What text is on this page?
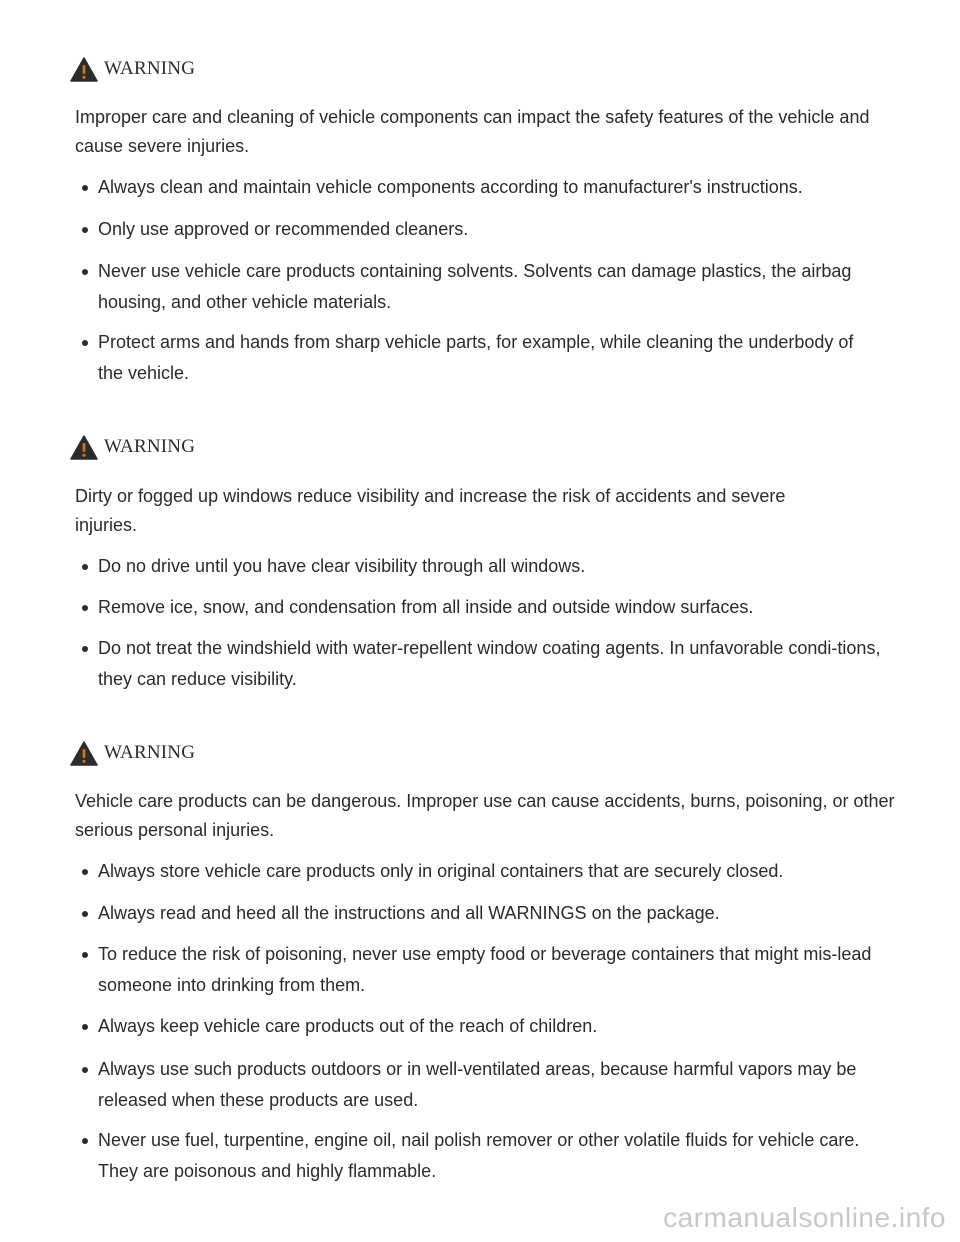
WARNING

Improper care and cleaning of vehicle components can impact the safety features of the vehicle and cause severe injuries.

Always clean and maintain vehicle components according to manufacturer's instructions.
Only use approved or recommended cleaners.
Never use vehicle care products containing solvents. Solvents can damage plastics, the airbag housing, and other vehicle materials.
Protect arms and hands from sharp vehicle parts, for example, while cleaning the underbody of the vehicle.
WARNING

Dirty or fogged up windows reduce visibility and increase the risk of accidents and severe injuries.

Do no drive until you have clear visibility through all windows.
Remove ice, snow, and condensation from all inside and outside window surfaces.
Do not treat the windshield with water-repellent window coating agents. In unfavorable condi-tions, they can reduce visibility.
WARNING

Vehicle care products can be dangerous. Improper use can cause accidents, burns, poisoning, or other serious personal injuries.

Always store vehicle care products only in original containers that are securely closed.
Always read and heed all the instructions and all WARNINGS on the package.
To reduce the risk of poisoning, never use empty food or beverage containers that might mis-lead someone into drinking from them.
Always keep vehicle care products out of the reach of children.
Always use such products outdoors or in well-ventilated areas, because harmful vapors may be released when these products are used.
Never use fuel, turpentine, engine oil, nail polish remover or other volatile fluids for vehicle care. They are poisonous and highly flammable.
carmanualsonline.info
